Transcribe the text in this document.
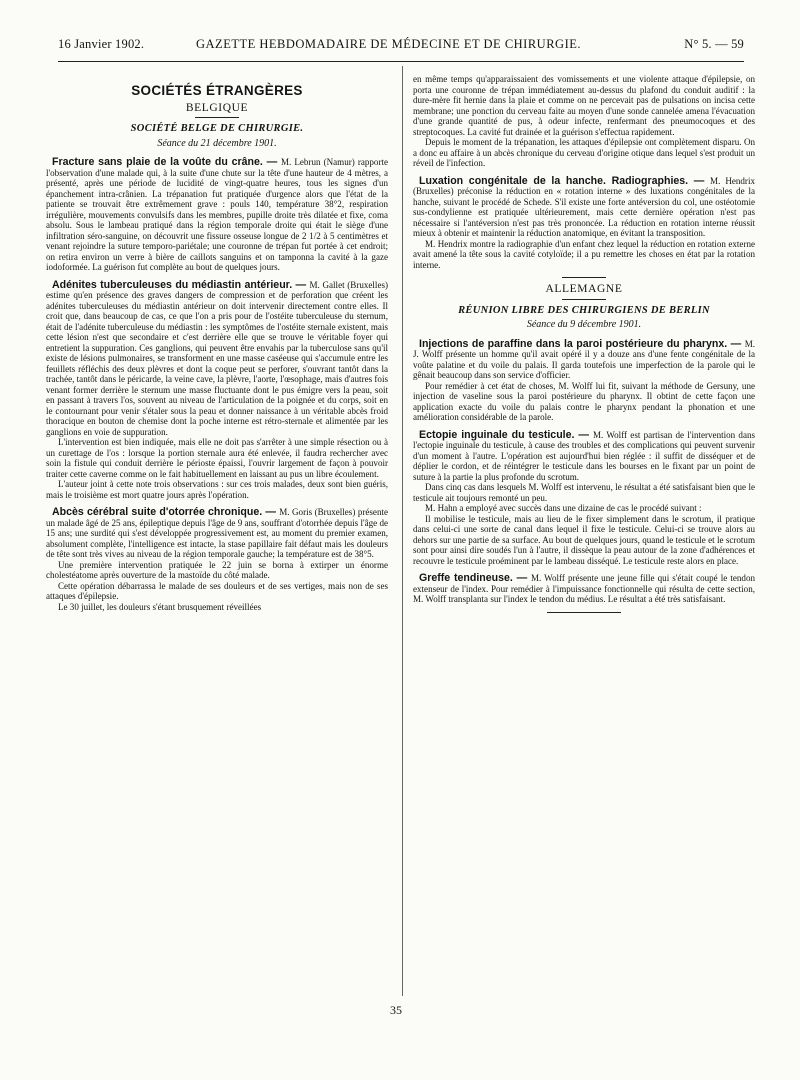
16 Janvier 1902.	GAZETTE HEBDOMADAIRE DE MÉDECINE ET DE CHIRURGIE.	N° 5. — 59
SOCIÉTÉS ÉTRANGÈRES
BELGIQUE
SOCIÉTÉ BELGE DE CHIRURGIE.
Séance du 21 décembre 1901.
Fracture sans plaie de la voûte du crâne. — M. Lebrun (Namur) rapporte l'observation d'une malade qui, à la suite d'une chute sur la tête d'une hauteur de 4 mètres, a présenté, après une période de lucidité de vingt-quatre heures, tous les signes d'un épanchement intra-crânien. La trépanation fut pratiquée d'urgence alors que l'état de la patiente se trouvait être extrêmement grave : pouls 140, température 38°2, respiration irrégulière, mouvements convulsifs dans les membres, pupille droite très dilatée et fixe, coma absolu. Sous le lambeau pratiqué dans la région temporale droite qui était le siège d'une infiltration séro-sanguine, on découvrit une fissure osseuse longue de 2 1/2 à 5 centimètres et venant rejoindre la suture temporo-pariétale; une couronne de trépan fut portée à cet endroit; on retira environ un verre à bière de caillots sanguins et on tamponna la cavité à la gaze iodoformée. La guérison fut complète au bout de quelques jours.
Adénites tuberculeuses du médiastin antérieur. — M. Gallet (Bruxelles) estime qu'en présence des graves dangers de compression et de perforation que créent les adénites tuberculeuses du médiastin antérieur on doit intervenir directement contre elles. Il croit que, dans beaucoup de cas, ce que l'on a pris pour de l'ostéite tuberculeuse du sternum, était de l'adénite tuberculeuse du médiastin : les symptômes de l'ostéite sternale existent, mais cette lésion n'est que secondaire et c'est derrière elle que se trouve le véritable foyer qui entretient la suppuration. Ces ganglions, qui peuvent être envahis par la tuberculose sans qu'il existe de lésions pulmonaires, se transforment en une masse caséeuse qui s'accumule entre les feuillets réfléchis des deux plèvres et dont la coque peut se perforer, s'ouvrant tantôt dans la trachée, tantôt dans le péricarde, la veine cave, la plèvre, l'aorte, l'œsophage, mais d'autres fois venant former derrière le sternum une masse fluctuante dont le pus émigre vers la peau, soit en passant à travers l'os, souvent au niveau de l'articulation de la poignée et du corps, soit en le contournant pour venir s'étaler sous la peau et donner naissance à un véritable abcès froid thoracique en bouton de chemise dont la poche interne est rétro-sternale et alimentée par les ganglions en voie de suppuration.

L'intervention est bien indiquée, mais elle ne doit pas s'arrêter à une simple résection ou à un curettage de l'os : lorsque la portion sternale aura été enlevée, il faudra rechercher avec soin la fistule qui conduit derrière le périoste épaissi, l'ouvrir largement de façon à pouvoir traiter cette caverne comme on le fait habituellement en laissant au pus un libre écoulement.

L'auteur joint à cette note trois observations : sur ces trois malades, deux sont bien guéris, mais le troisième est mort quatre jours après l'opération.

Abcès cérébral suite d'otorrée chronique. — M. Goris (Bruxelles) présente un malade âgé de 25 ans, épileptique depuis l'âge de 9 ans, souffrant d'otorrhée depuis l'âge de 15 ans; une surdité qui s'est développée progressivement est, au moment du premier examen, absolument complète, l'intelligence est intacte, la stase papillaire fait défaut mais les douleurs de tête sont très vives au niveau de la région temporale gauche; la température est de 38°5.

Une première intervention pratiquée le 22 juin se borna à extirper un énorme cholestéatome après ouverture de la mastoïde du côté malade.

Cette opération débarrassa le malade de ses douleurs et de ses vertiges, mais non de ses attaques d'épilepsie.

Le 30 juillet, les douleurs s'étant brusquement réveillées

en même temps qu'apparaissaient des vomissements et une violente attaque d'épilepsie, on porta une couronne de trépan immédiatement au-dessus du plafond du conduit auditif : la dure-mère fit hernie dans la plaie et comme on ne percevait pas de pulsations on incisa cette membrane; une ponction du cerveau faite au moyen d'une sonde cannelée amena l'évacuation d'une grande quantité de pus, à odeur infecte, renfermant des pneumocoques et des streptocoques. La cavité fut drainée et la guérison s'effectua rapidement.

Depuis le moment de la trépanation, les attaques d'épilepsie ont complètement disparu. On a donc eu affaire à un abcès chronique du cerveau d'origine otique dans lequel s'est produit un réveil de l'infection.

Luxation congénitale de la hanche. Radiographies. — M. Hendrix (Bruxelles) préconise la réduction en « rotation interne » des luxations congénitales de la hanche, suivant le procédé de Schede. S'il existe une forte antéversion du col, une ostéotomie sus-condylienne est pratiquée ultérieurement, mais cette dernière opération n'est pas nécessaire si l'antéversion n'est pas très prononcée. La réduction en rotation interne réussit mieux à obtenir et maintenir la réduction anatomique, en évitant la transposition.

M. Hendrix montre la radiographie d'un enfant chez lequel la réduction en rotation externe avait amené la tête sous la cavité cotyloïde; il a pu remettre les choses en état par la rotation interne.

ALLEMAGNE
RÉUNION LIBRE DES CHIRURGIENS DE BERLIN
Séance du 9 décembre 1901.
Injections de paraffine dans la paroi postérieure du pharynx. — M. J. Wolff présente un homme qu'il avait opéré il y a douze ans d'une fente congénitale de la voûte palatine et du voile du palais. Il garda toutefois une imperfection de la parole qui le gênait beaucoup dans son service d'officier.

Pour remédier à cet état de choses, M. Wolff lui fit, suivant la méthode de Gersuny, une injection de vaseline sous la paroi postérieure du pharynx. Il obtint de cette façon une application exacte du voile du palais contre le pharynx pendant la phonation et une amélioration considérable de la parole.

Ectopie inguinale du testicule. — M. Wolff est partisan de l'intervention dans l'ectopie inguinale du testicule, à cause des troubles et des complications qui peuvent survenir d'un moment à l'autre. L'opération est aujourd'hui bien réglée : il suffit de disséquer et de déplier le cordon, et de réintégrer le testicule dans les bourses en le fixant par un point de suture à la partie la plus profonde du scrotum.

Dans cinq cas dans lesquels M. Wolff est intervenu, le résultat a été satisfaisant bien que le testicule ait toujours remonté un peu.

M. Hahn a employé avec succès dans une dizaine de cas le procédé suivant :

Il mobilise le testicule, mais au lieu de le fixer simplement dans le scrotum, il pratique dans celui-ci une sorte de canal dans lequel il fixe le testicule. Celui-ci se trouve alors au dehors sur une partie de sa surface. Au bout de quelques jours, quand le testicule et le scrotum sont pour ainsi dire soudés l'un à l'autre, il dissèque la peau autour de la zone d'adhérences et recouvre le testicule proéminent par le lambeau disséqué. Le testicule reste alors en place.

Greffe tendineuse. — M. Wolff présente une jeune fille qui s'était coupé le tendon extenseur de l'index. Pour remédier à l'impuissance fonctionnelle qui résulta de cette section, M. Wolff transplanta sur l'index le tendon du médius. Le résultat a été très satisfaisant.
35
